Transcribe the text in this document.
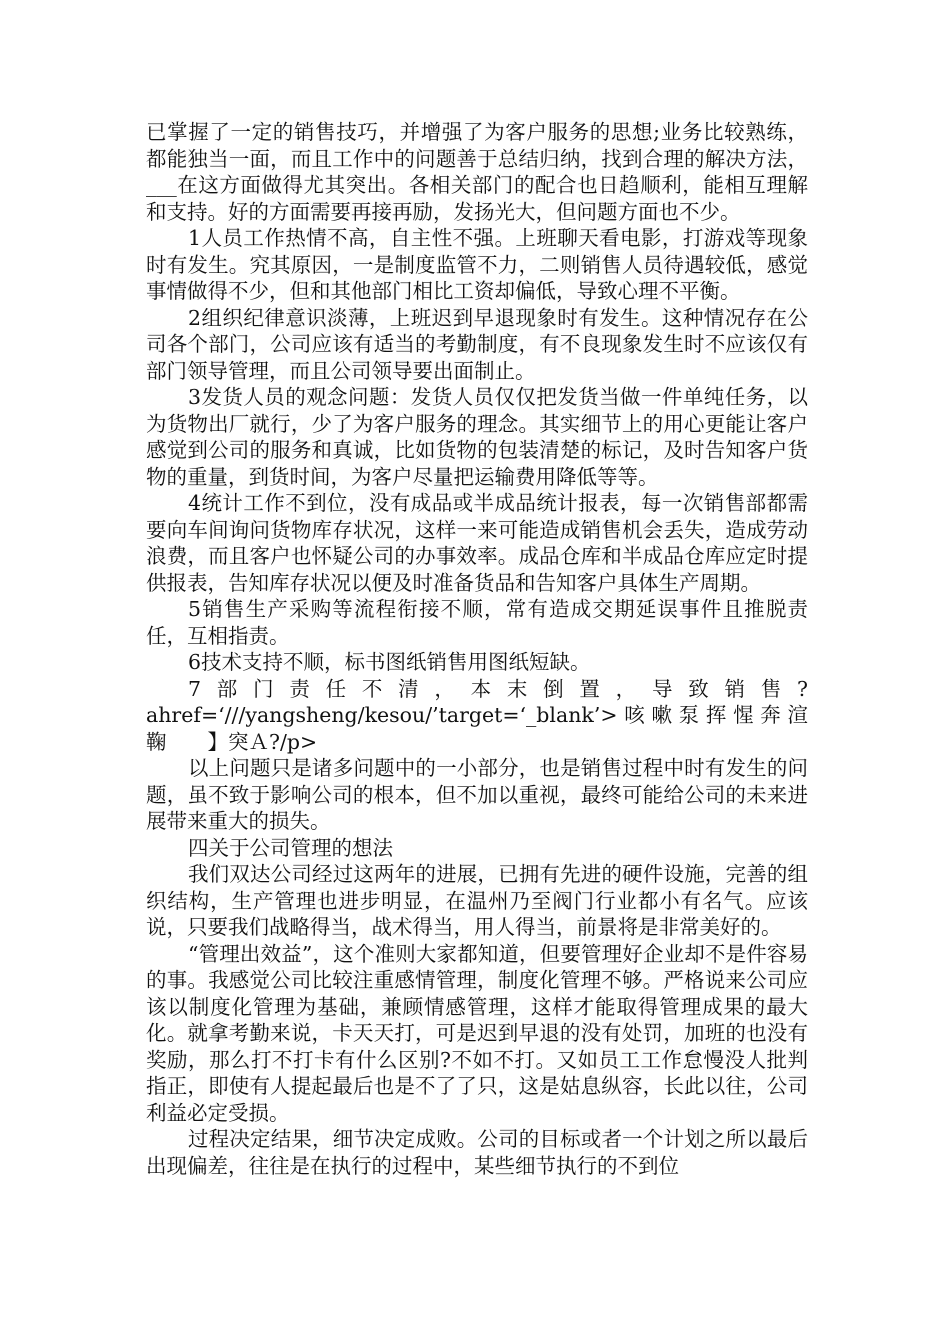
已掌握了一定的销售技巧，并增强了为客户服务的思想;业务比较熟练，都能独当一面，而且工作中的问题善于总结归纳，找到合理的解决方法，___在这方面做得尤其突出。各相关部门的配合也日趋顺利，能相互理解和支持。好的方面需要再接再励，发扬光大，但问题方面也不少。

1人员工作热情不高，自主性不强。上班聊天看电影，打游戏等现象时有发生。究其原因，一是制度监管不力，二则销售人员待遇较低，感觉事情做得不少，但和其他部门相比工资却偏低，导致心理不平衡。

2组织纪律意识淡薄，上班迟到早退现象时有发生。这种情况存在公司各个部门，公司应该有适当的考勤制度，有不良现象发生时不应该仅有部门领导管理，而且公司领导要出面制止。

3发货人员的观念问题：发货人员仅仅把发货当做一件单纯任务，以为货物出厂就行，少了为客户服务的理念。其实细节上的用心更能让客户感觉到公司的服务和真诚，比如货物的包装清楚的标记，及时告知客户货物的重量，到货时间，为客户尽量把运输费用降低等等。

4统计工作不到位，没有成品或半成品统计报表，每一次销售部都需要向车间询问货物库存状况，这样一来可能造成销售机会丢失，造成劳动浪费，而且客户也怀疑公司的办事效率。成品仓库和半成品仓库应定时提供报表，告知库存状况以便及时准备货品和告知客户具体生产周期。

5销售生产采购等流程衔接不顺，常有造成交期延误事件且推脱责任，互相指责。

6技术支持不顺，标书图纸销售用图纸短缺。

7部门责任不清，本末倒置，导致销售?ahref=‘///yangsheng/kesou/’target=‘_blank’>咳嗽泵挥惺奔渲鞠　　】突Ａ?/p>

以上问题只是诸多问题中的一小部分，也是销售过程中时有发生的问题，虽不致于影响公司的根本，但不加以重视，最终可能给公司的未来进展带来重大的损失。

四关于公司管理的想法

我们双达公司经过这两年的进展，已拥有先进的硬件设施，完善的组织结构，生产管理也进步明显，在温州乃至阀门行业都小有名气。应该说，只要我们战略得当，战术得当，用人得当，前景将是非常美好的。

“管理出效益”，这个准则大家都知道，但要管理好企业却不是件容易的事。我感觉公司比较注重感情管理，制度化管理不够。严格说来公司应该以制度化管理为基础，兼顾情感管理，这样才能取得管理成果的最大化。就拿考勤来说，卡天天打，可是迟到早退的没有处罚，加班的也没有奖励，那么打不打卡有什么区别?不如不打。又如员工工作怠慢没人批判指正，即使有人提起最后也是不了了只，这是姑息纵容，长此以往，公司利益必定受损。

过程决定结果，细节决定成败。公司的目标或者一个计划之所以最后出现偏差，往往是在执行的过程中，某些细节执行的不到位
